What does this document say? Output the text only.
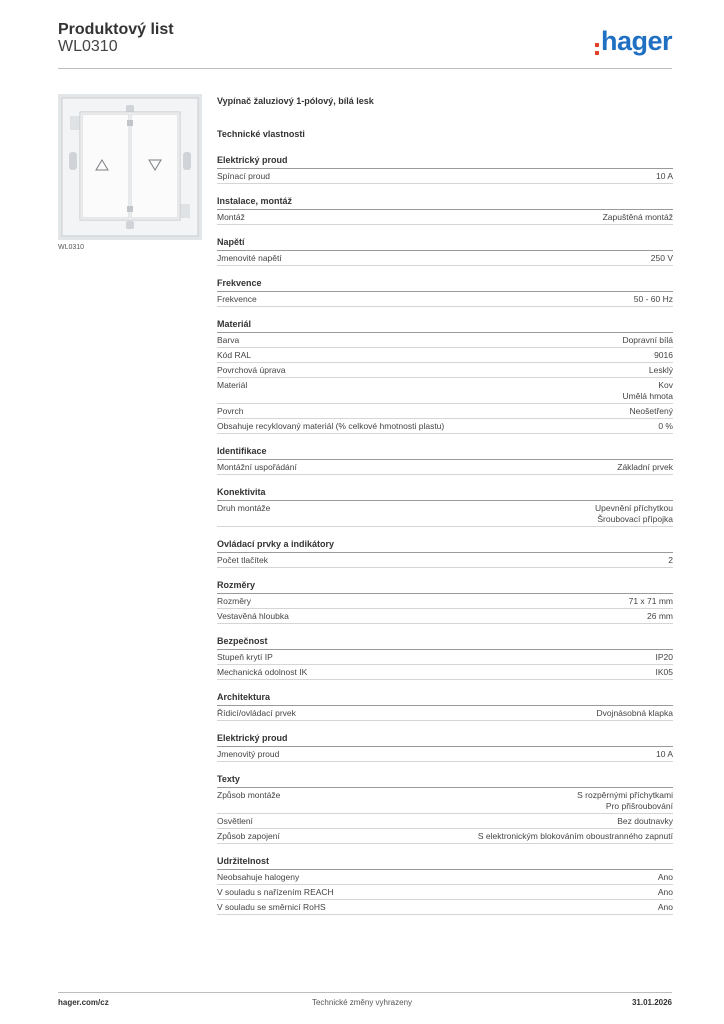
Produktový list
WL0310	hager
WL0310
Vypínač žaluziový 1-pólový, bílá lesk
Technické vlastnosti
Elektrický proud
Spínací proud	10 A
Instalace, montáž
Montáž	Zapuštěná montáž
Napětí
Jmenovité napětí	250 V
Frekvence
Frekvence	50 - 60 Hz
Materiál
Barva	Dopravní bílá
Kód RAL	9016
Povrchová úprava	Lesklý
Materiál	Kov
Umělá hmota
Povrch	Neošetřený
Obsahuje recyklovaný materiál (% celkové hmotnosti plastu)	0 %
Identifikace
Montážní uspořádání	Základní prvek
Konektivita
Druh montáže	Upevnění příchytkou
Šroubovací přípojka
Ovládací prvky a indikátory
Počet tlačítek	2
Rozměry
Rozměry	71 x 71 mm
Vestavěná hloubka	26 mm
Bezpečnost
Stupeň krytí IP	IP20
Mechanická odolnost IK	IK05
Architektura
Řídicí/ovládací prvek	Dvojnásobná klapka
Elektrický proud
Jmenovitý proud	10 A
Texty
Způsob montáže	S rozpěrnými příchytkami
Pro přišroubování
Osvětlení	Bez doutnavky
Způsob zapojení	S elektronickým blokováním oboustranného zapnutí
Udržitelnost
Neobsahuje halogeny	Ano
V souladu s nařízením REACH	Ano
V souladu se směrnicí RoHS	Ano
hager.com/cz	Technické změny vyhrazeny	31.01.2026
